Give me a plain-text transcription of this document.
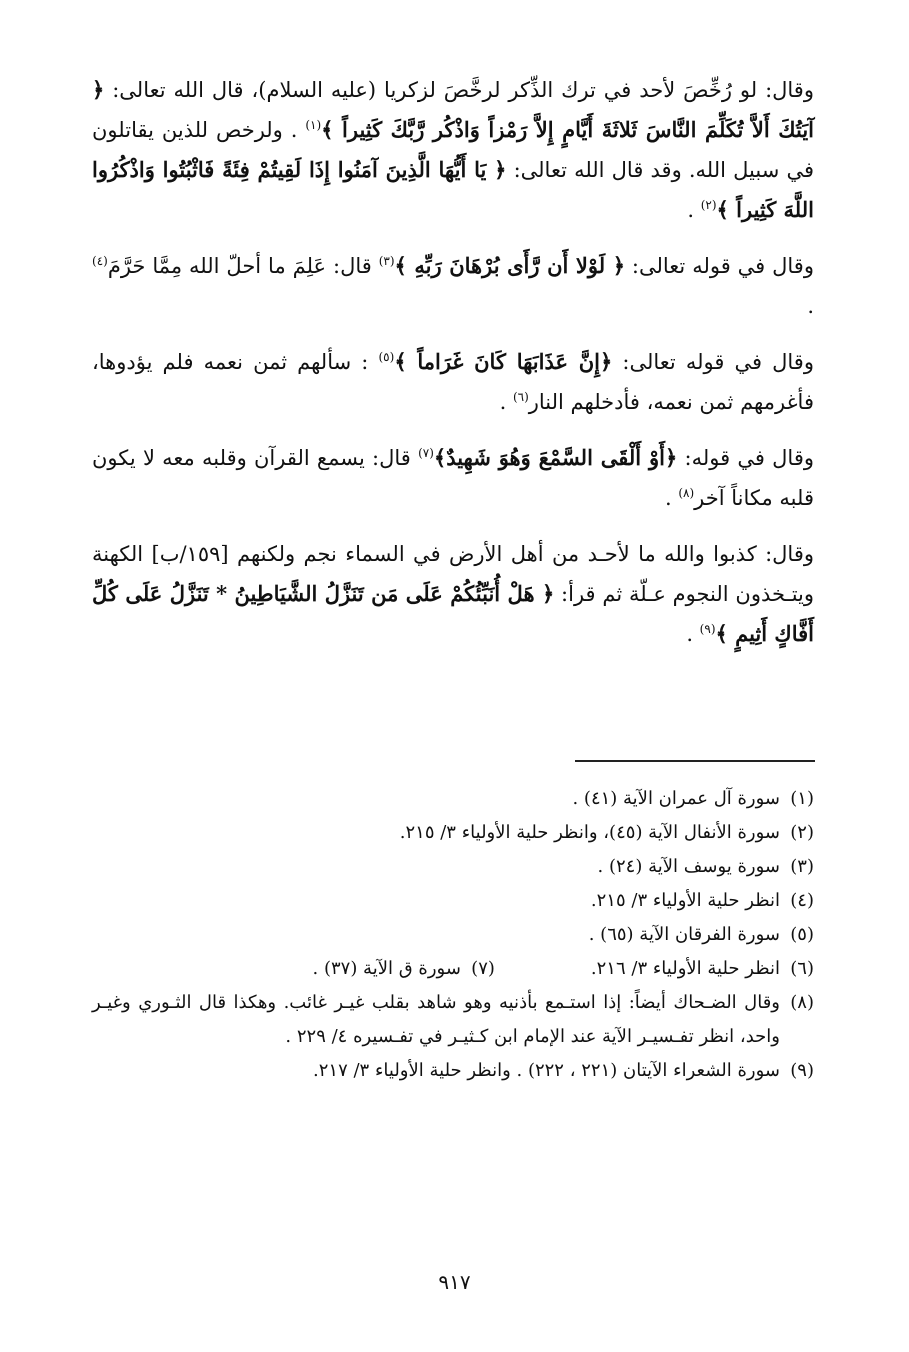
وقال: لو رُخِّصَ لأحد في ترك الذِّكر لرخَّصَ لزكريا (عليه السلام)، قال الله تعالى: ﴿ آيَتُكَ أَلاَّ تُكَلِّمَ النَّاسَ ثَلاثَةَ أَيَّامٍ إِلاَّ رَمْزاً وَاذْكُر رَّبَّكَ كَثِيراً ﴾$^{(١)}$ . ولرخص للذين يقاتلون في سبيل الله. وقد قال الله تعالى: ﴿ يَا أَيُّهَا الَّذِينَ آمَنُوا إِذَا لَقِيتُمْ فِئَةً فَاثْبُتُوا وَاذْكُرُوا اللَّهَ كَثِيراً ﴾$^{(٢)}$ .

وقال في قوله تعالى: ﴿ لَوْلا أَن رَّأَى بُرْهَانَ رَبِّهِ ﴾$^{(٣)}$ قال: عَلِمَ ما أحلّ الله مِمَّا حَرَّمَ$^{(٤)}$ .

وقال في قوله تعالى: ﴿إِنَّ عَذَابَهَا كَانَ غَرَاماً ﴾$^{(٥)}$ : سألهم ثمن نعمه فلم يؤدوها، فأغرمهم ثمن نعمه، فأدخلهم النار$^{(٦)}$ .

وقال في قوله: ﴿أَوْ أَلْقَى السَّمْعَ وَهُوَ شَهِيدٌ﴾$^{(٧)}$ قال: يسمع القرآن وقلبه معه لا يكون قلبه مكاناً آخر$^{(٨)}$ .

وقال: كذبوا والله ما لأحـد من أهل الأرض في السماء نجم ولكنهم [١٥٩/ب] الكهنة ويتـخذون النجوم عـلّة ثم قرأ: ﴿ هَلْ أُنَبِّئُكُمْ عَلَى مَن تَنَزَّلُ الشَّيَاطِينُ * تَنَزَّلُ عَلَى كُلِّ أَفَّاكٍ أَثِيمٍ ﴾$^{(٩)}$ .

(١)سورة آل عمران الآية (٤١) .

(٢)سورة الأنفال الآية (٤٥)، وانظر حلية الأولياء ٣/ ٢١٥.

(٣)سورة يوسف الآية (٢٤) .

(٤)انظر حلية الأولياء ٣/ ٢١٥.

(٥)سورة الفرقان الآية (٦٥) .

(٦)انظر حلية الأولياء ٣/ ٢١٦.
(٧)سورة ق الآية (٣٧) .
(٨)

وقال الضـحاك أيضاً: إذا استـمع بأذنيه وهو شاهد بقلب غيـر غائب. وهكذا قال الثـوري وغيـر واحد، انظر تفـسيـر الآية عند الإمام ابن كـثيـر في تفـسيره ٤/ ٢٢٩ .

(٩)سورة الشعراء الآيتان (٢٢١ ، ٢٢٢) . وانظر حلية الأولياء ٣/ ٢١٧.

٩١٧
